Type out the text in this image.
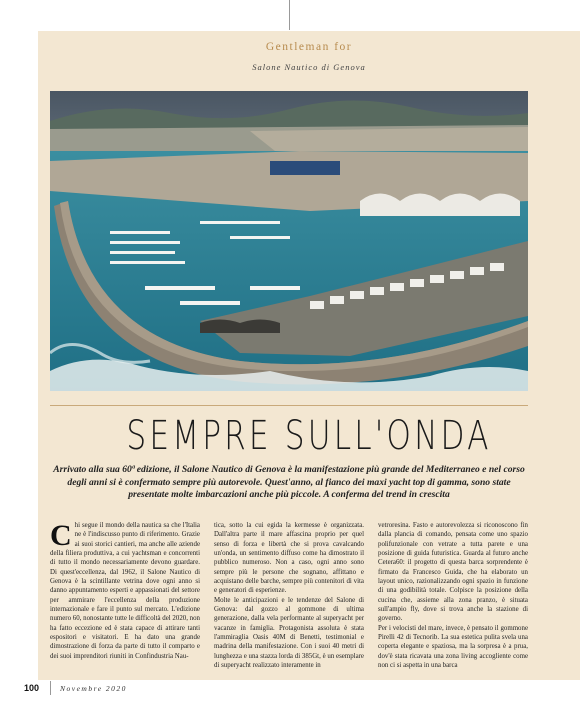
Gentleman for
Salone Nautico di Genova
SEMPRE SULL'ONDA
Arrivato alla sua 60ª edizione, il Salone Nautico di Genova è la manifestazione più grande del Mediterraneo e nel corso degli anni si è confermato sempre più autorevole. Quest'anno, al fianco dei maxi yacht top di gamma, sono state presentate molte imbarcazioni anche più piccole. A conferma del trend in crescita
C hi segue il mondo della nautica sa che l'Italia ne è l'indiscusso punto di riferimento. Grazie ai suoi storici cantieri, ma anche alle aziende della filiera produttiva, a cui yachtsman e concorrenti di tutto il mondo necessariamente devono guardare. Di quest'eccellenza, dal 1962, il Salone Nautico di Genova è la scintillante vetrina dove ogni anno si danno appuntamento esperti e appassionati del settore per ammirare l'eccellenza della produzione internazionale e fare il punto sul mercato. L'edizione numero 60, nonostante tutte le difficoltà del 2020, non ha fatto eccezione ed è stata capace di attirare tanti espositori e visitatori. E ha dato una grande dimostrazione di forza da parte di tutto il comparto e dei suoi imprenditori riuniti in Confindustria Nau-

tica, sotto la cui egida la kermesse è organizzata. Dall'altra parte il mare affascina proprio per quel senso di forza e libertà che si prova cavalcando un'onda, un sentimento diffuso come ha dimostrato il pubblico numeroso. Non a caso, ogni anno sono sempre più le persone che sognano, affittano e acquistano delle barche, sempre più contenitori di vita e generatori di esperienze.
Molte le anticipazioni e le tendenze del Salone di Genova: dal gozzo al gommone di ultima generazione, dalla vela performante al superyacht per vacanze in famiglia. Protagonista assoluta è stata l'ammiraglia Oasis 40M di Benetti, testimonial e madrina della manifestazione. Con i suoi 40 metri di lunghezza e una stazza lorda di 385Gt, è un esemplare di superyacht realizzato interamente in

vetroresina. Fasto e autorevolezza si riconoscono fin dalla plancia di comando, pensata come uno spazio polifunzionale con vetrate a tutta parete e una posizione di guida futuristica. Guarda al futuro anche Cetera60: il progetto di questa barca sorprendente è firmato da Francesco Guida, che ha elaborato un layout unico, razionalizzando ogni spazio in funzione di una godibilità totale. Colpisce la posizione della cucina che, assieme alla zona pranzo, è situata sull'ampio fly, dove si trova anche la stazione di governo.
Per i velocisti del mare, invece, è pensato il gommone Pirelli 42 di Tecnorib. La sua estetica pulita svela una coperta elegante e spaziosa, ma la sorpresa è a prua, dov'è stata ricavata una zona living accogliente come non ci si aspetta in una barca

100	Novembre 2020
